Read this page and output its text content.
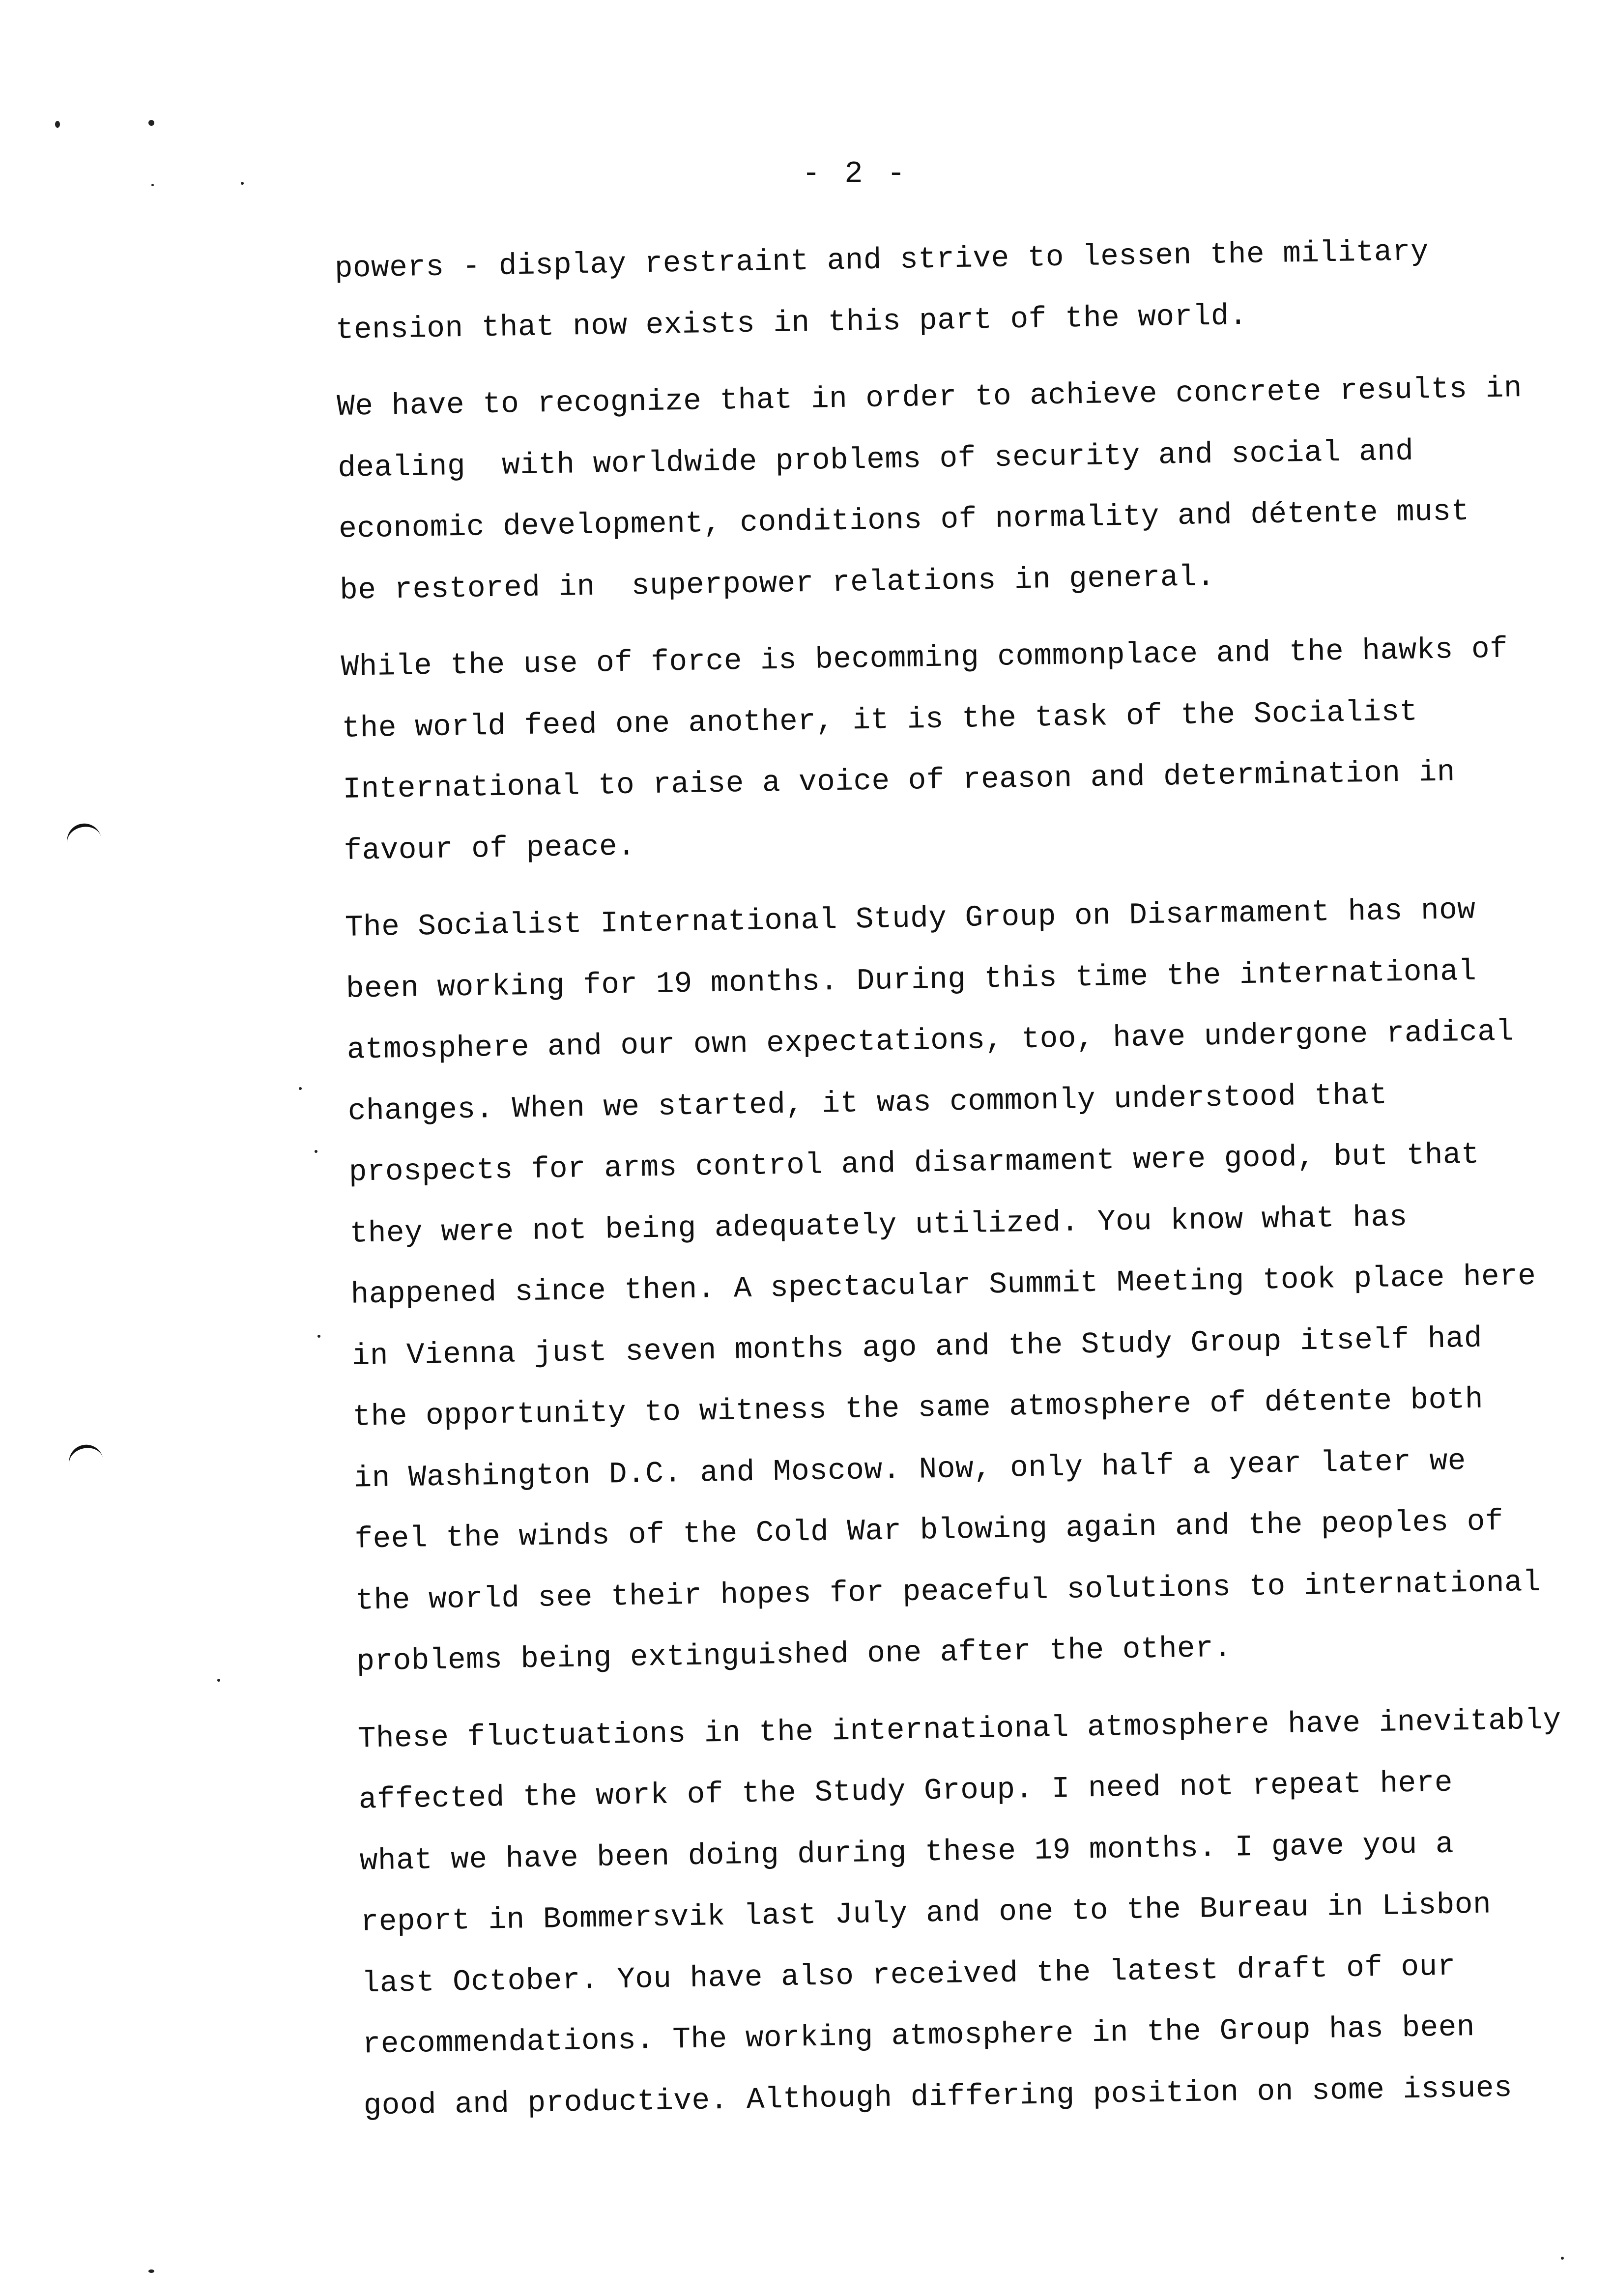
- 2 -
powers - display restraint and strive to lessen the military
tension that now exists in this part of the world.
We have to recognize that in order to achieve concrete results in
dealing  with worldwide problems of security and social and
economic development, conditions of normality and détente must
be restored in  superpower relations in general.
While the use of force is becomming commonplace and the hawks of
the world feed one another, it is the task of the Socialist
International to raise a voice of reason and determination in
favour of peace.
The Socialist International Study Group on Disarmament has now
been working for 19 months. During this time the international
atmosphere and our own expectations, too, have undergone radical
changes. When we started, it was commonly understood that
prospects for arms control and disarmament were good, but that
they were not being adequately utilized. You know what has
happened since then. A spectacular Summit Meeting took place here
in Vienna just seven months ago and the Study Group itself had
the opportunity to witness the same atmosphere of détente both
in Washington D.C. and Moscow. Now, only half a year later we
feel the winds of the Cold War blowing again and the peoples of
the world see their hopes for peaceful solutions to international
problems being extinguished one after the other.
These fluctuations in the international atmosphere have inevitably
affected the work of the Study Group. I need not repeat here
what we have been doing during these 19 months. I gave you a
report in Bommersvik last July and one to the Bureau in Lisbon
last October. You have also received the latest draft of our
recommendations. The working atmosphere in the Group has been
good and productive. Although differing position on some issues
